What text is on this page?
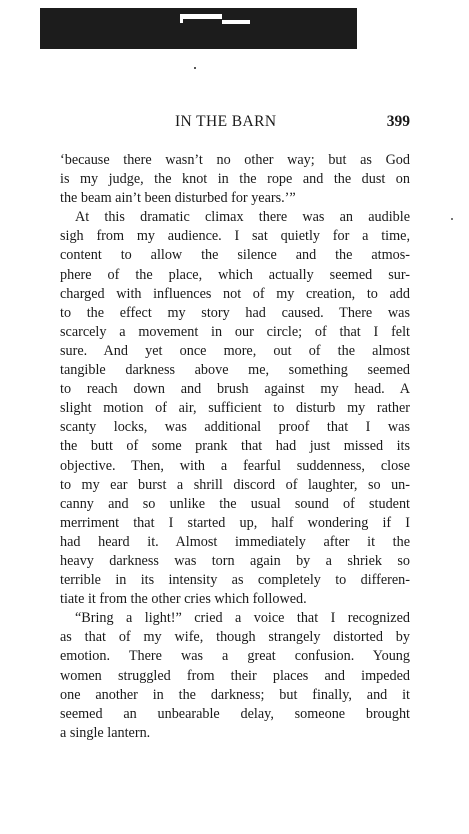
IN THE BARN	399
‘because there wasn’t no other way; but as God
is my judge, the knot in the rope and the dust on
the beam ain’t been disturbed for years.’”
At this dramatic climax there was an audible
sigh from my audience. I sat quietly for a time,
content to allow the silence and the atmos-
phere of the place, which actually seemed sur-
charged with influences not of my creation, to add
to the effect my story had caused. There was
scarcely a movement in our circle; of that I felt
sure. And yet once more, out of the almost
tangible darkness above me, something seemed
to reach down and brush against my head. A
slight motion of air, sufficient to disturb my rather
scanty locks, was additional proof that I was
the butt of some prank that had just missed its
objective. Then, with a fearful suddenness, close
to my ear burst a shrill discord of laughter, so un-
canny and so unlike the usual sound of student
merriment that I started up, half wondering if I
had heard it. Almost immediately after it the
heavy darkness was torn again by a shriek so
terrible in its intensity as completely to differen-
tiate it from the other cries which followed.
“Bring a light!” cried a voice that I recognized
as that of my wife, though strangely distorted by
emotion. There was a great confusion. Young
women struggled from their places and impeded
one another in the darkness; but finally, and it
seemed an unbearable delay, someone brought
a single lantern.
